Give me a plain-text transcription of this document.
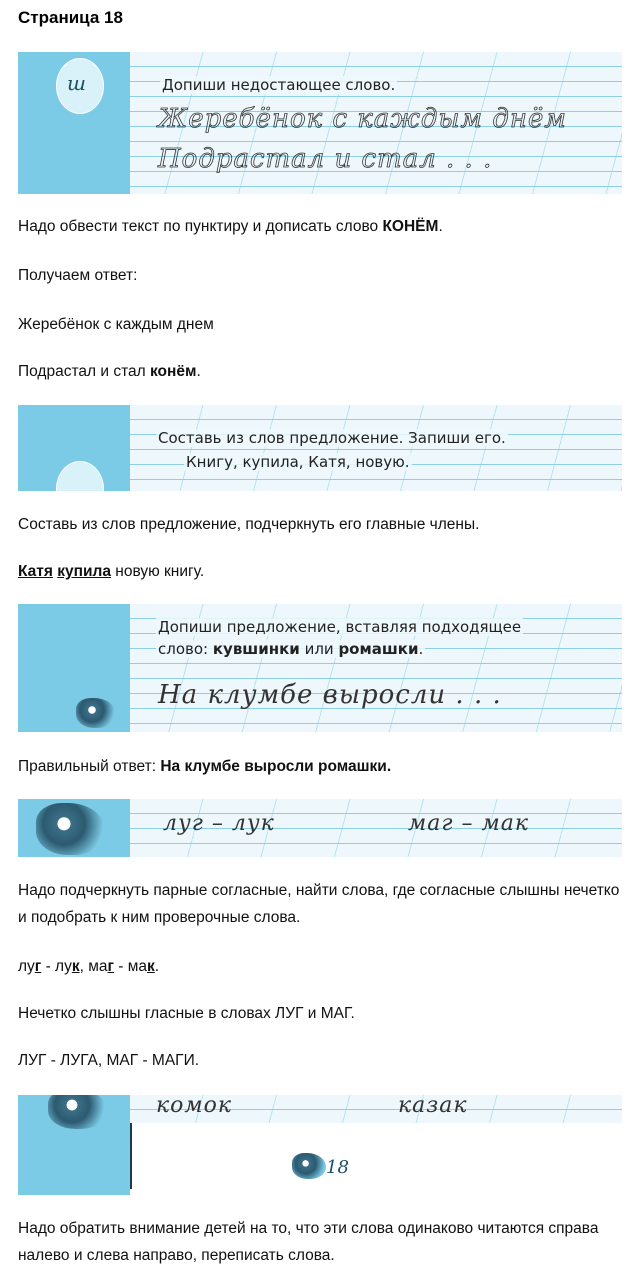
Страница 18
ш	Допиши недостающее слово.
Жеребёнок с каждым днём
Подрастал и стал . . .
Надо обвести текст по пунктиру и дописать слово КОНЁМ.
Получаем ответ:
Жеребёнок с каждым днем
Подрастал и стал конём.
Составь из слов предложение. Запиши его.
Книгу, купила, Катя, новую.
Составь из слов предложение, подчеркнуть его главные члены.
Катя купила новую книгу.
Допиши предложение, вставляя подходящее
слово: кувшинки или ромашки.
На клумбе выросли . . .
Правильный ответ: На клумбе выросли ромашки.
луг – лук	маг – мак
Надо подчеркнуть парные согласные, найти слова, где согласные слышны нечетко и подобрать к ним проверочные слова.
луг - лук, маг - мак.
Нечетко слышны гласные в словах ЛУГ и МАГ.
ЛУГ - ЛУГА, МАГ - МАГИ.
комок	казак
18
Надо обратить внимание детей на то, что эти слова одинаково читаются справа налево и слева направо, переписать слова.
